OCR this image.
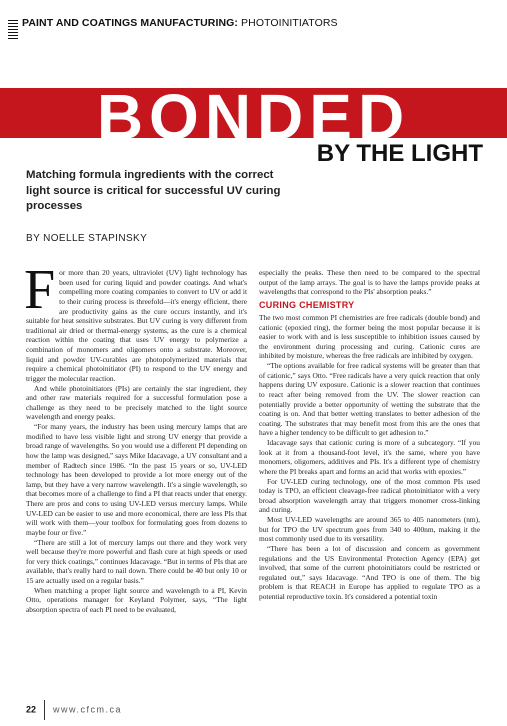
PAINT AND COATINGS MANUFACTURING: PHOTOINITIATORS
BONDED
BY THE LIGHT
Matching formula ingredients with the correct light source is critical for successful UV curing processes
BY NOELLE STAPINSKY

For more than 20 years, ultraviolet (UV) light technology has been used for curing liquid and powder coatings. And what's compelling more coating companies to convert to UV or add it to their curing process is threefold—it's energy efficient, there are productivity gains as the cure occurs instantly, and it's suitable for heat sensitive substrates. But UV curing is very different from traditional air dried or thermal-energy systems, as the cure is a chemical reaction within the coating that uses UV energy to polymerize a combination of monomers and oligomers onto a substrate. Moreover, liquid and powder UV-curables are photopolymerized materials that require a chemical photoinitiator (PI) to respond to the UV energy and trigger the molecular reaction.

And while photoinitiators (PIs) are certainly the star ingredient, they and other raw materials required for a successful formulation pose a challenge as they need to be precisely matched to the light source wavelength and energy peaks.

“For many years, the industry has been using mercury lamps that are modified to have less visible light and strong UV energy that provide a broad range of wavelengths. So you would use a different PI depending on how the lamp was designed,” says Mike Idacavage, a UV consultant and a member of Radtech since 1986. “In the past 15 years or so, UV-LED technology has been developed to provide a lot more energy out of the lamp, but they have a very narrow wavelength. It's a single wavelength, so that becomes more of a challenge to find a PI that reacts under that energy. There are pros and cons to using UV-LED versus mercury lamps. While UV-LED can be easier to use and more economical, there are less PIs that will work with them—your toolbox for formulating goes from dozens to maybe four or five.”

“There are still a lot of mercury lamps out there and they work very well because they're more powerful and flash cure at high speeds or used for very thick coatings,” continues Idacavage. “But in terms of PIs that are available, that's really hard to nail down. There could be 40 but only 10 or 15 are actually used on a regular basis.”

When matching a proper light source and wavelength to a PI, Kevin Otto, operations manager for Keyland Polymer, says, “The light absorption spectra of each PI need to be evaluated,

especially the peaks. These then need to be compared to the spectral output of the lamp arrays. The goal is to have the lamps provide peaks at wavelengths that correspond to the PIs' absorption peaks.”

CURING CHEMISTRY

The two most common PI chemistries are free radicals (double bond) and cationic (epoxied ring), the former being the most popular because it is easier to work with and is less susceptible to inhibition issues caused by the environment during processing and curing. Cationic cures are inhibited by moisture, whereas the free radicals are inhibited by oxygen.

“The options available for free radical systems will be greater than that of cationic,” says Otto. “Free radicals have a very quick reaction that only happens during UV exposure. Cationic is a slower reaction that continues to react after being removed from the UV. The slower reaction can potentially provide a better opportunity of wetting the substrate that the coating is on. And that better wetting translates to better adhesion of the coating. The substrates that may benefit most from this are the ones that have a higher tendency to be difficult to get adhesion to.”

Idacavage says that cationic curing is more of a subcategory. “If you look at it from a thousand-foot level, it's the same, where you have monomers, oligomers, additives and PIs. It's a different type of chemistry where the PI breaks apart and forms an acid that works with epoxies.”

For UV-LED curing technology, one of the most common PIs used today is TPO, an efficient cleavage-free radical photoinitiator with a very broad absorption wavelength array that triggers monomer cross-linking and curing.

Most UV-LED wavelengths are around 365 to 405 nanometers (nm), but for TPO the UV spectrum goes from 340 to 400nm, making it the most commonly used due to its versatility.

“There has been a lot of discussion and concern as government regulations and the US Environmental Protection Agency (EPA) get involved, that some of the current photoinitiators could be restricted or regulated out,” says Idacavage. “And TPO is one of them. The big problem is that REACH in Europe has applied to regulate TPO as a potential reproductive toxin. It's considered a potential toxin

22 www.cfcm.ca
